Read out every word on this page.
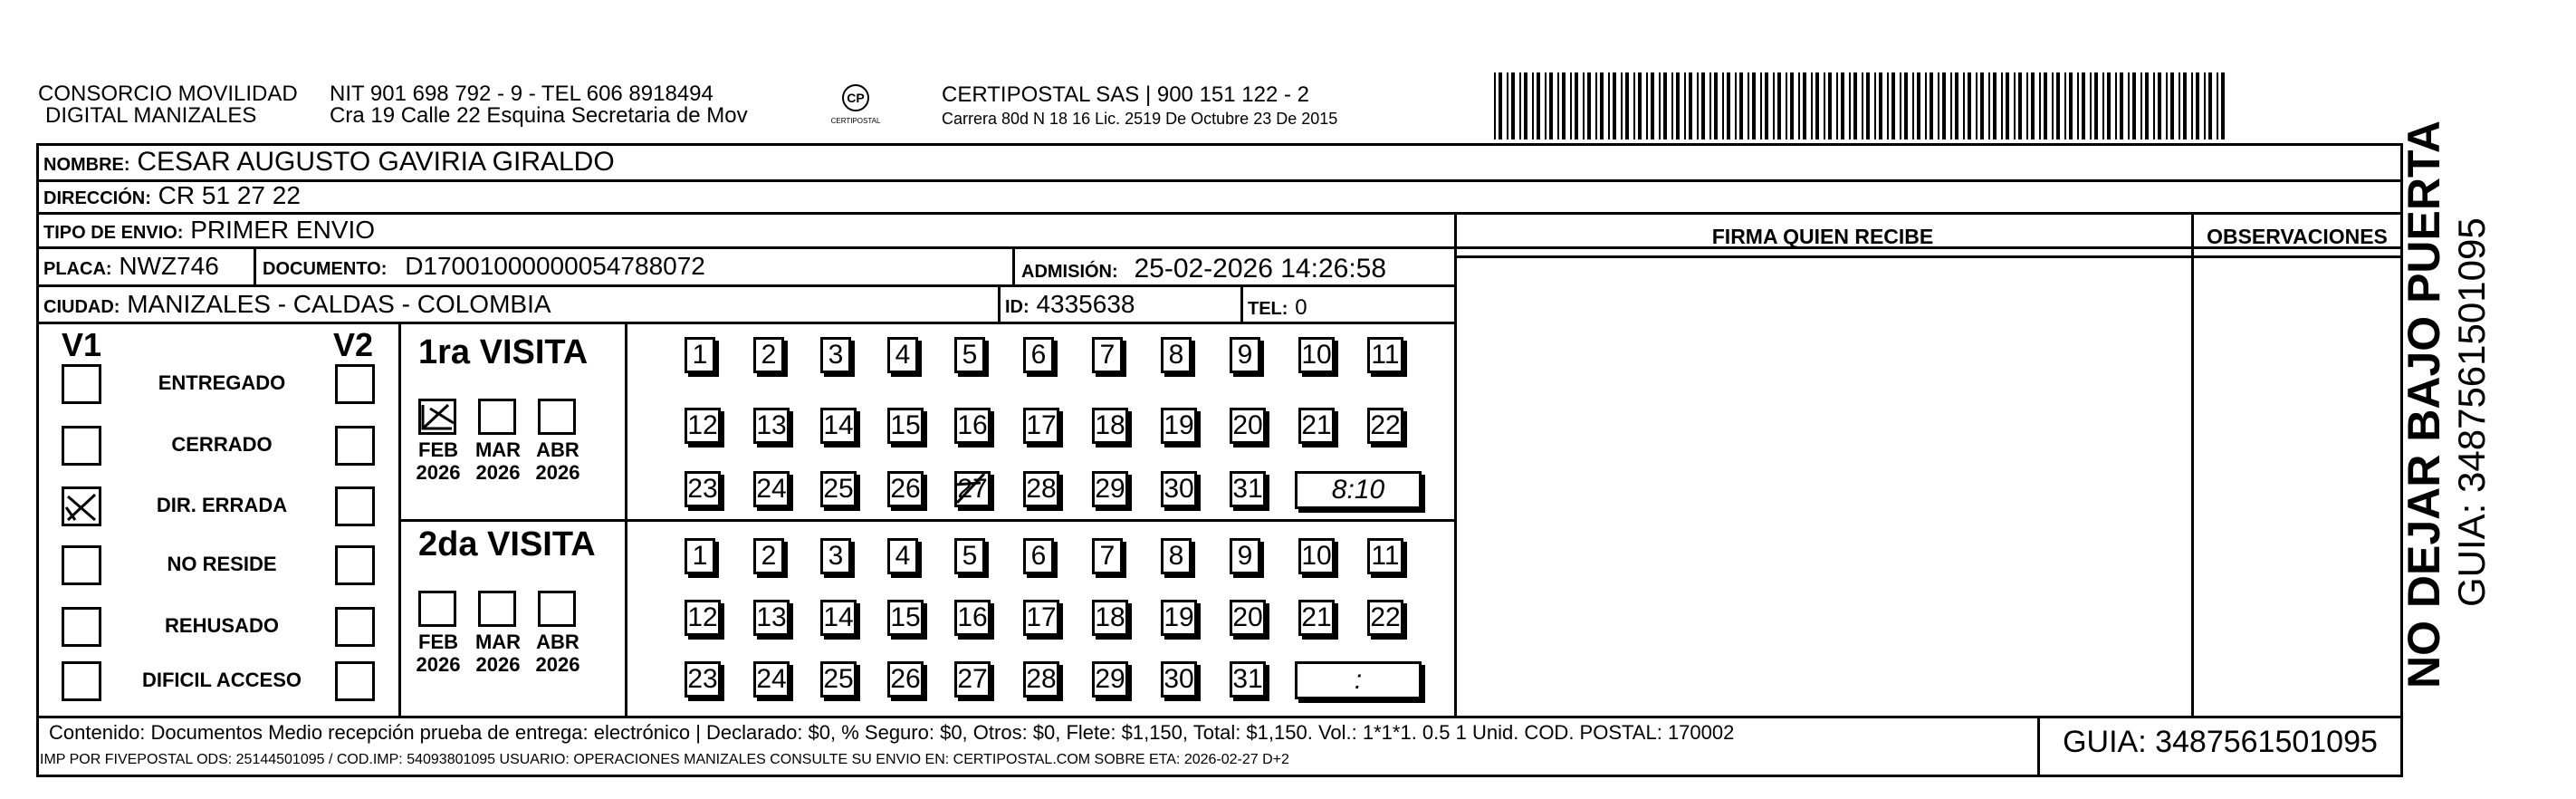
CONSORCIO MOVILIDAD
DIGITAL MANIZALES
NIT 901 698 792 - 9 - TEL 606 8918494
Cra 19 Calle 22 Esquina Secretaria de Mov
CP
CERTIPOSTAL
CERTIPOSTAL SAS | 900 151 122 - 2
Carrera 80d N 18 16 Lic. 2519 De Octubre 23 De 2015
NOMBRE: CESAR AUGUSTO GAVIRIA GIRALDO
DIRECCIÓN: CR 51 27 22
TIPO DE ENVIO: PRIMER ENVIO
PLACA: NWZ746 DOCUMENTO: D17001000000054788072	ADMISIÓN: 25-02-2026 14:26:58
CIUDAD: MANIZALES - CALDAS - COLOMBIA	ID: 4335638	TEL: 0
FIRMA QUIEN RECIBE	OBSERVACIONES
V1	V2
ENTREGADO
CERRADO
DIR. ERRADA
NO RESIDE
REHUSADO
DIFICIL ACCESO
1ra VISITA
2da VISITA
FEB
2026
MAR
2026
ABR
2026
FEB
2026
MAR
2026
ABR
2026
1 2 3 4 5 6 7 8 9 10 11
12 13 14 15 16 17 18 19 20 21 22
23 24 25 26 27 28 29 30 31	8:10
1 2 3 4 5 6 7 8 9 10 11
12 13 14 15 16 17 18 19 20 21 22
23 24 25 26 27 28 29 30 31	:
Contenido: Documentos Medio recepción prueba de entrega: electrónico | Declarado: $0, % Seguro: $0, Otros: $0, Flete: $1,150, Total: $1,150. Vol.: 1*1*1. 0.5 1 Unid. COD. POSTAL: 170002
IMP POR FIVEPOSTAL ODS: 25144501095 / COD.IMP: 54093801095 USUARIO: OPERACIONES MANIZALES CONSULTE SU ENVIO EN: CERTIPOSTAL.COM SOBRE ETA: 2026-02-27 D+2
GUIA: 3487561501095
NO DEJAR BAJO PUERTA GUIA: 3487561501095
